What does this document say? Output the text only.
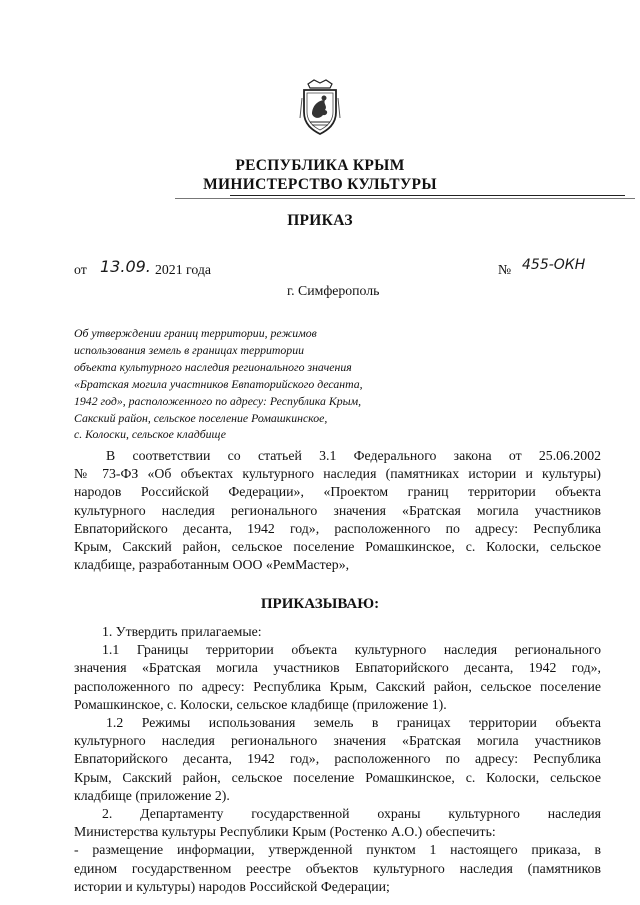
РЕСПУБЛИКА КРЫМ
МИНИСТЕРСТВО КУЛЬТУРЫ
ПРИКАЗ
от 13.09. 2021 года	№ 455-ОКН
г. Симферополь
Об утверждении границ территории, режимов
использования земель в границах территории
объекта культурного наследия регионального значения
«Братская могила участников Евпаторийского десанта,
1942 год», расположенного по адресу: Республика Крым,
Сакский район, сельское поселение Ромашкинское,
с. Колоски, сельское кладбище
В соответствии со статьей 3.1 Федерального закона от 25.06.2002
№ 73-ФЗ «Об объектах культурного наследия (памятниках истории и культуры)
народов Российской Федерации», «Проектом границ территории объекта
культурного наследия регионального значения «Братская могила участников
Евпаторийского десанта, 1942 год», расположенного по адресу: Республика
Крым, Сакский район, сельское поселение Ромашкинское, с. Колоски, сельское
кладбище, разработанным ООО «РемМастер»,
ПРИКАЗЫВАЮ:
1. Утвердить прилагаемые:
1.1 Границы территории объекта культурного наследия регионального
значения «Братская могила участников Евпаторийского десанта, 1942 год»,
расположенного по адресу: Республика Крым, Сакский район, сельское поселение
Ромашкинское, с. Колоски, сельское кладбище (приложение 1).
1.2 Режимы использования земель в границах территории объекта
культурного наследия регионального значения «Братская могила участников
Евпаторийского десанта, 1942 год», расположенного по адресу: Республика
Крым, Сакский район, сельское поселение Ромашкинское, с. Колоски, сельское
кладбище (приложение 2).
2. Департаменту государственной охраны культурного наследия
Министерства культуры Республики Крым (Ростенко А.О.) обеспечить:
- размещение информации, утвержденной пунктом 1 настоящего приказа, в
едином государственном реестре объектов культурного наследия (памятников
истории и культуры) народов Российской Федерации;
